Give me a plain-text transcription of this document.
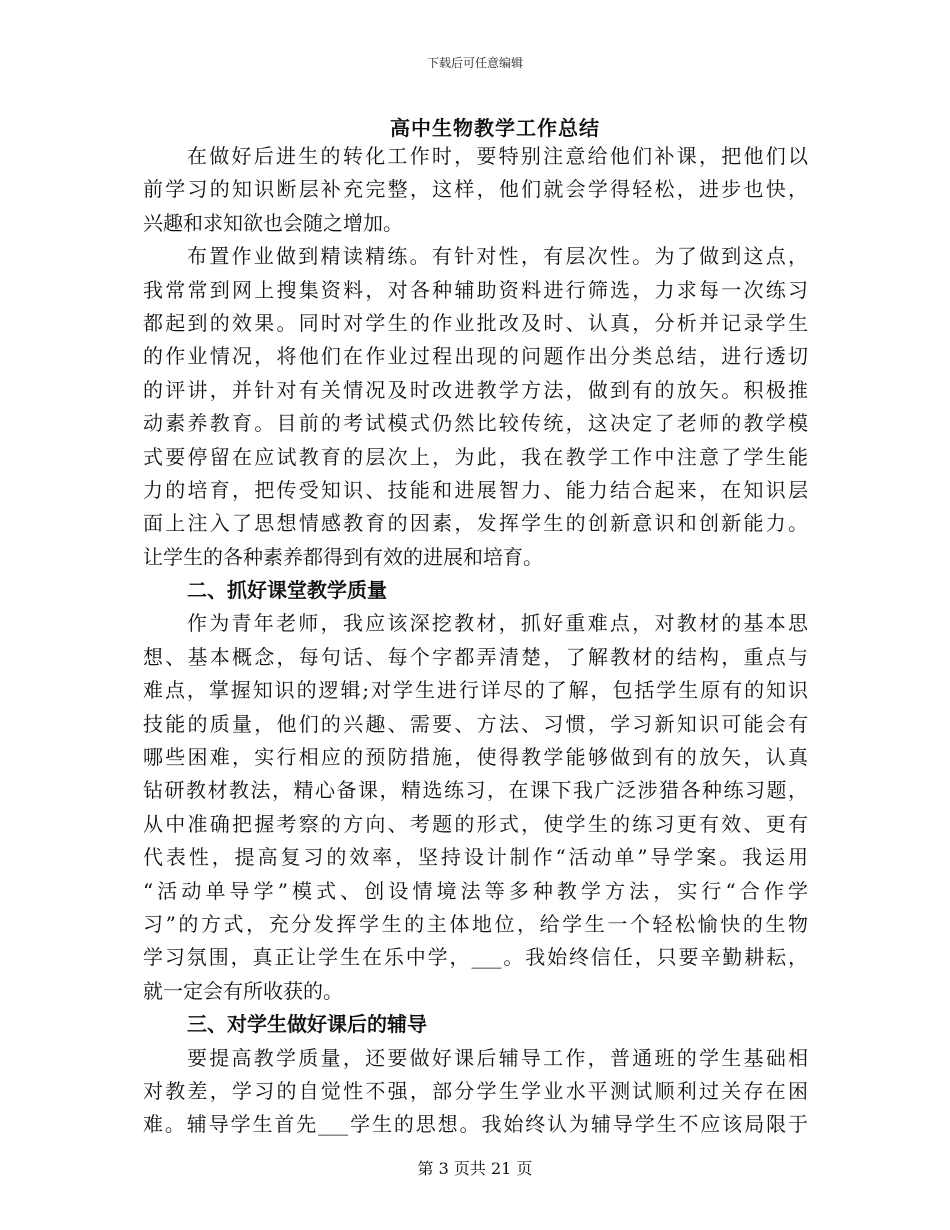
下载后可任意编辑
高中生物教学工作总结
在做好后进生的转化工作时，要特别注意给他们补课，把他们以
前学习的知识断层补充完整，这样，他们就会学得轻松，进步也快，
兴趣和求知欲也会随之增加。
布置作业做到精读精练。有针对性，有层次性。为了做到这点，
我常常到网上搜集资料，对各种辅助资料进行筛选，力求每一次练习
都起到的效果。同时对学生的作业批改及时、认真，分析并记录学生
的作业情况，将他们在作业过程出现的问题作出分类总结，进行透切
的评讲，并针对有关情况及时改进教学方法，做到有的放矢。积极推
动素养教育。目前的考试模式仍然比较传统，这决定了老师的教学模
式要停留在应试教育的层次上，为此，我在教学工作中注意了学生能
力的培育，把传受知识、技能和进展智力、能力结合起来，在知识层
面上注入了思想情感教育的因素，发挥学生的创新意识和创新能力。
让学生的各种素养都得到有效的进展和培育。
二、抓好课堂教学质量
作为青年老师，我应该深挖教材，抓好重难点，对教材的基本思
想、基本概念，每句话、每个字都弄清楚，了解教材的结构，重点与
难点，掌握知识的逻辑;对学生进行详尽的了解，包括学生原有的知识
技能的质量，他们的兴趣、需要、方法、习惯，学习新知识可能会有
哪些困难，实行相应的预防措施，使得教学能够做到有的放矢，认真
钻研教材教法，精心备课，精选练习，在课下我广泛涉猎各种练习题，
从中准确把握考察的方向、考题的形式，使学生的练习更有效、更有
代表性，提高复习的效率，坚持设计制作“活动单”导学案。我运用
“活动单导学”模式、创设情境法等多种教学方法，实行“合作学
习”的方式，充分发挥学生的主体地位，给学生一个轻松愉快的生物
学习氛围，真正让学生在乐中学，___。我始终信任，只要辛勤耕耘，
就一定会有所收获的。
三、对学生做好课后的辅导
要提高教学质量，还要做好课后辅导工作，普通班的学生基础相
对教差，学习的自觉性不强，部分学生学业水平测试顺利过关存在困
难。辅导学生首先___学生的思想。我始终认为辅导学生不应该局限于
第 3 页共 21 页
